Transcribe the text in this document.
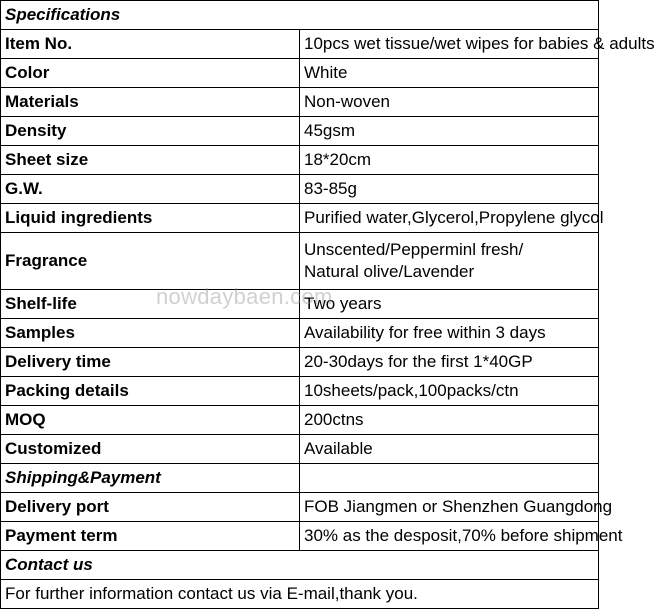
Specifications	
Item No.	10pcs wet tissue/wet wipes for babies & adults
Color	White
Materials	Non-woven
Density	45gsm
Sheet size	18*20cm
G.W.	83-85g
Liquid ingredients	Purified water,Glycerol,Propylene glycol
Fragrance	Unscented/Pepperminl fresh/
Natural olive/Lavender

Shelf-life	Two years
Samples	Availability for free within 3 days
Delivery time	20-30days for the first 1*40GP
Packing details	10sheets/pack,100packs/ctn
MOQ	200ctns
Customized	Available
Shipping&Payment	
Delivery port	FOB Jiangmen or Shenzhen Guangdong
Payment term	30% as the desposit,70% before shipment
Contact us	
For further information contact us via E-mail,thank you.	
nowdaybaen.com
